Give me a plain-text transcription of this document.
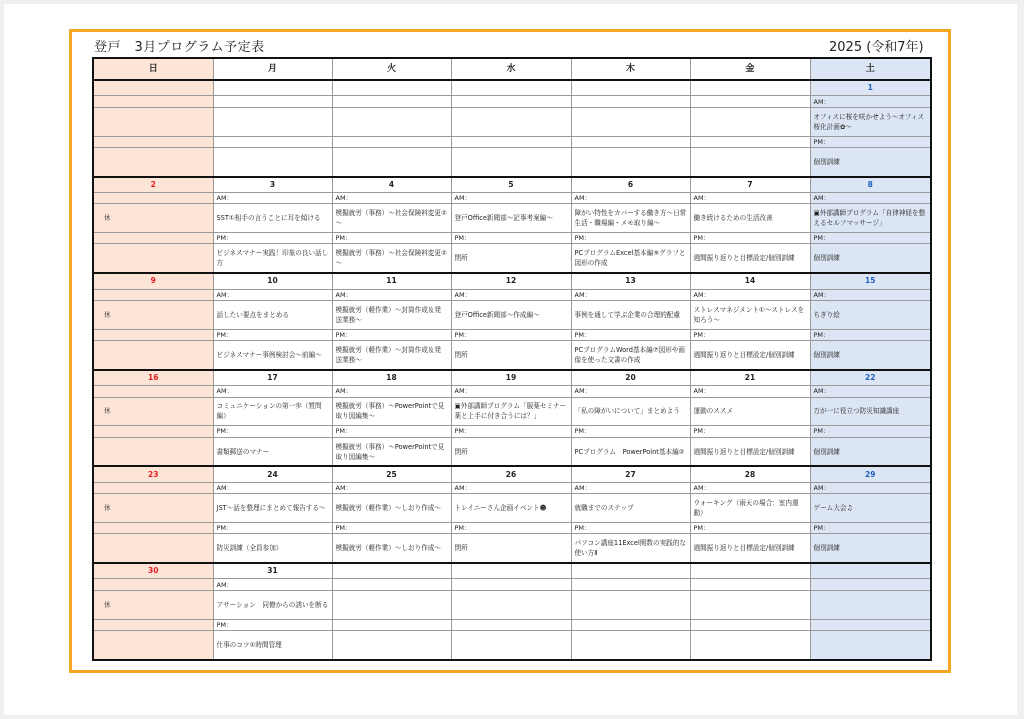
登戸　3月プログラム予定表	2025 (令和7年)
日	月	火	水	木	金	土
						1
						AM：
						オフィスに桜を咲かせよう～オフィス桜化計画✿～
						PM：
						個別訓練
2	3	4	5	6	7	8
	AM：	AM：	AM：	AM：	AM：	AM：
休	SST①相手の言うことに耳を傾ける	模擬就労（事務）～社会保険料変更②～	登戸Office新聞部～記事考案編～	障がい特性をカバーする働き方～日常生活・職場編・メモ取り編～	働き続けるための生活改善	▣外部講師プログラム「自律神経を整えるセルフマッサージ」
	PM：	PM：	PM：	PM：	PM：	PM：
	ビジネスマナー実践！印象の良い話し方	模擬就労（事務）～社会保険料変更②～	閉所	PCプログラムExcel基本編⑨グラフと図形の作成	週間振り返りと目標設定/個別訓練	個別訓練
9	10	11	12	13	14	15
	AM：	AM：	AM：	AM：	AM：	AM：
休	話したい要点をまとめる	模擬就労（軽作業）～封筒作成＆発送業務～	登戸Office新聞部～作成編～	事例を通して学ぶ企業の合理的配慮	ストレスマネジメント①～ストレスを知ろう～	ちぎり絵
	PM：	PM：	PM：	PM：	PM：	PM：
	ビジネスマナー事例検討会～前編～	模擬就労（軽作業）～封筒作成＆発送業務～	閉所	PCプログラムWord基本編⑦図形や画像を使った文書の作成	週間振り返りと目標設定/個別訓練	個別訓練
16	17	18	19	20	21	22
	AM：	AM：	AM：	AM：	AM：	AM：
休	コミュニケーションの第一歩（質問編）	模擬就労（事務）～PowerPointで見取り図編集～	▣外部講師プログラム「服薬セミナー　薬と上手に付き合うには？」	「私の障がいについて」まとめよう	運動のススメ	万が一に役立つ防災知識講座
	PM：	PM：	PM：	PM：	PM：	PM：
	書類郵送のマナー	模擬就労（事務）～PowerPointで見取り図編集～	閉所	PCプログラム　PowerPoint基本編②	週間振り返りと目標設定/個別訓練	個別訓練
23	24	25	26	27	28	29
	AM：	AM：	AM：	AM：	AM：	AM：
休	JST～話を整理にまとめて報告する～	模擬就労（軽作業）～しおり作成～	トレイニーさん企画イベント☻	就職までのステップ	ウォーキング（雨天の場合：室内運動）	ゲーム大会♫
	PM：	PM：	PM：	PM：	PM：	PM：
	防災訓練（全員参加）	模擬就労（軽作業）～しおり作成～	閉所	パソコン講座11Excel関数の実践的な使い方Ⅱ	週間振り返りと目標設定/個別訓練	個別訓練
30	31					
	AM：					
休	アサーション　同僚からの誘いを断る					
	PM：					
	仕事のコツ①時間管理					
